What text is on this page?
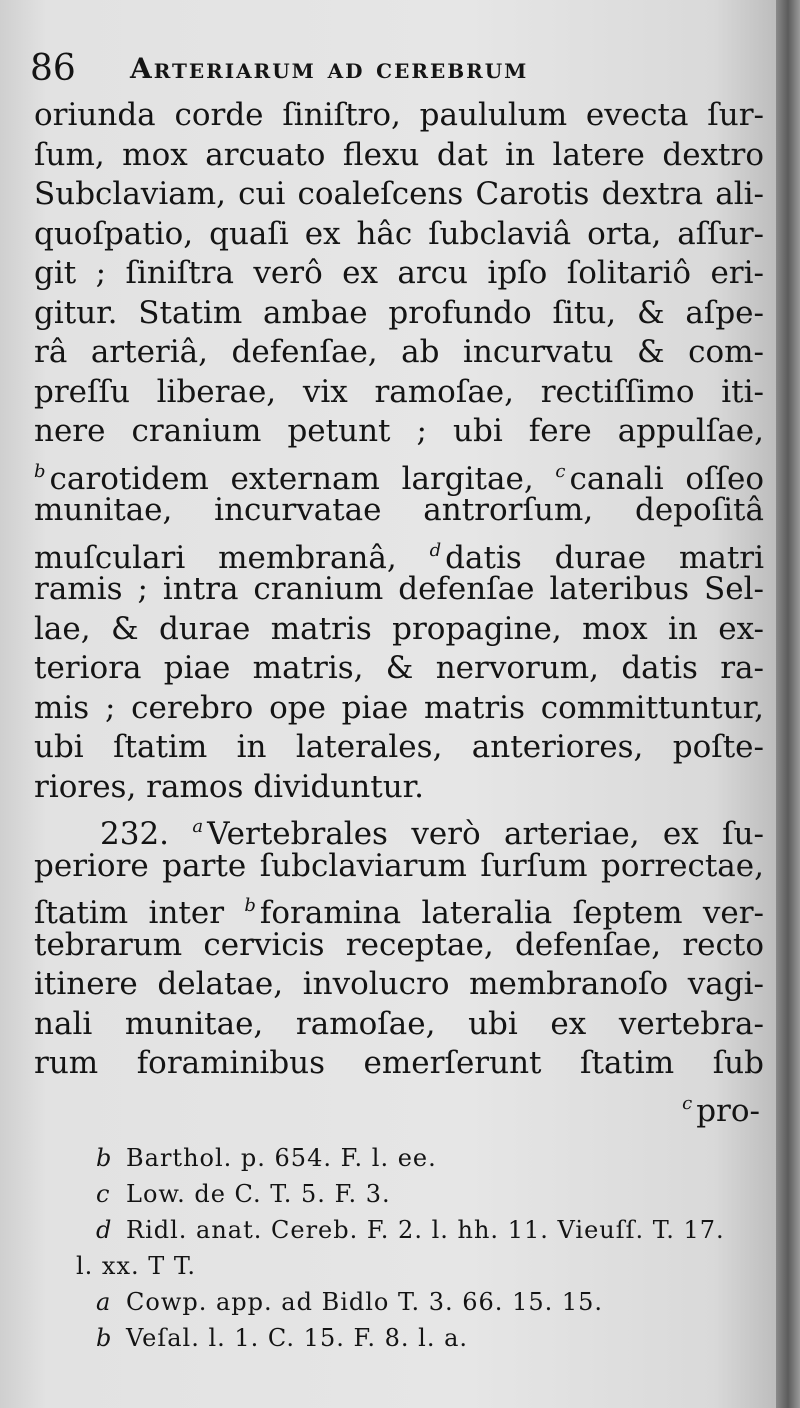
86 Arteriarum ad cerebrum
oriunda corde ſiniſtro, paululum evecta ſur-
ſum, mox arcuato flexu dat in latere dextro
Subclaviam, cui coaleſcens Carotis dextra ali-
quoſpatio, quaſi ex hâc ſubclaviâ orta, aſſur-
git ; ſiniſtra verô ex arcu ipſo ſolitariô eri-
gitur. Statim ambae profundo ſitu, & aſpe-
râ arteriâ, defenſae, ab incurvatu & com-
preſſu liberae, vix ramoſae, rectiſſimo iti-
nere cranium petunt ; ubi fere appulſae,
$^b$ carotidem externam largitae, $^c$ canali oſſeo
munitae, incurvatae antrorſum, depoſitâ
muſculari membranâ, $^d$ datis durae matri
ramis ; intra cranium defenſae lateribus Sel-
lae, & durae matris propagine, mox in ex-
teriora piae matris, & nervorum, datis ra-
mis ; cerebro ope piae matris committuntur,
ubi ſtatim in laterales, anteriores, poſte-
riores, ramos dividuntur.
232. $^a$ Vertebrales verò arteriae, ex ſu-
periore parte ſubclaviarum ſurſum porrectae,
ſtatim inter $^b$ foramina lateralia ſeptem ver-
tebrarum cervicis receptae, defenſae, recto
itinere delatae, involucro membranoſo vagi-
nali munitae, ramoſae, ubi ex vertebra-
rum foraminibus emerſerunt ſtatim ſub
$^c$ pro-
b Barthol. p. 654. F. l. ee.
c Low. de C. T. 5. F. 3.
d Ridl. anat. Cereb. F. 2. l. hh. 11. Vieuſſ. T. 17.
l. xx. T T.
a Cowp. app. ad Bidlo T. 3. 66. 15. 15.
b Veſal. l. 1. C. 15. F. 8. l. a.
